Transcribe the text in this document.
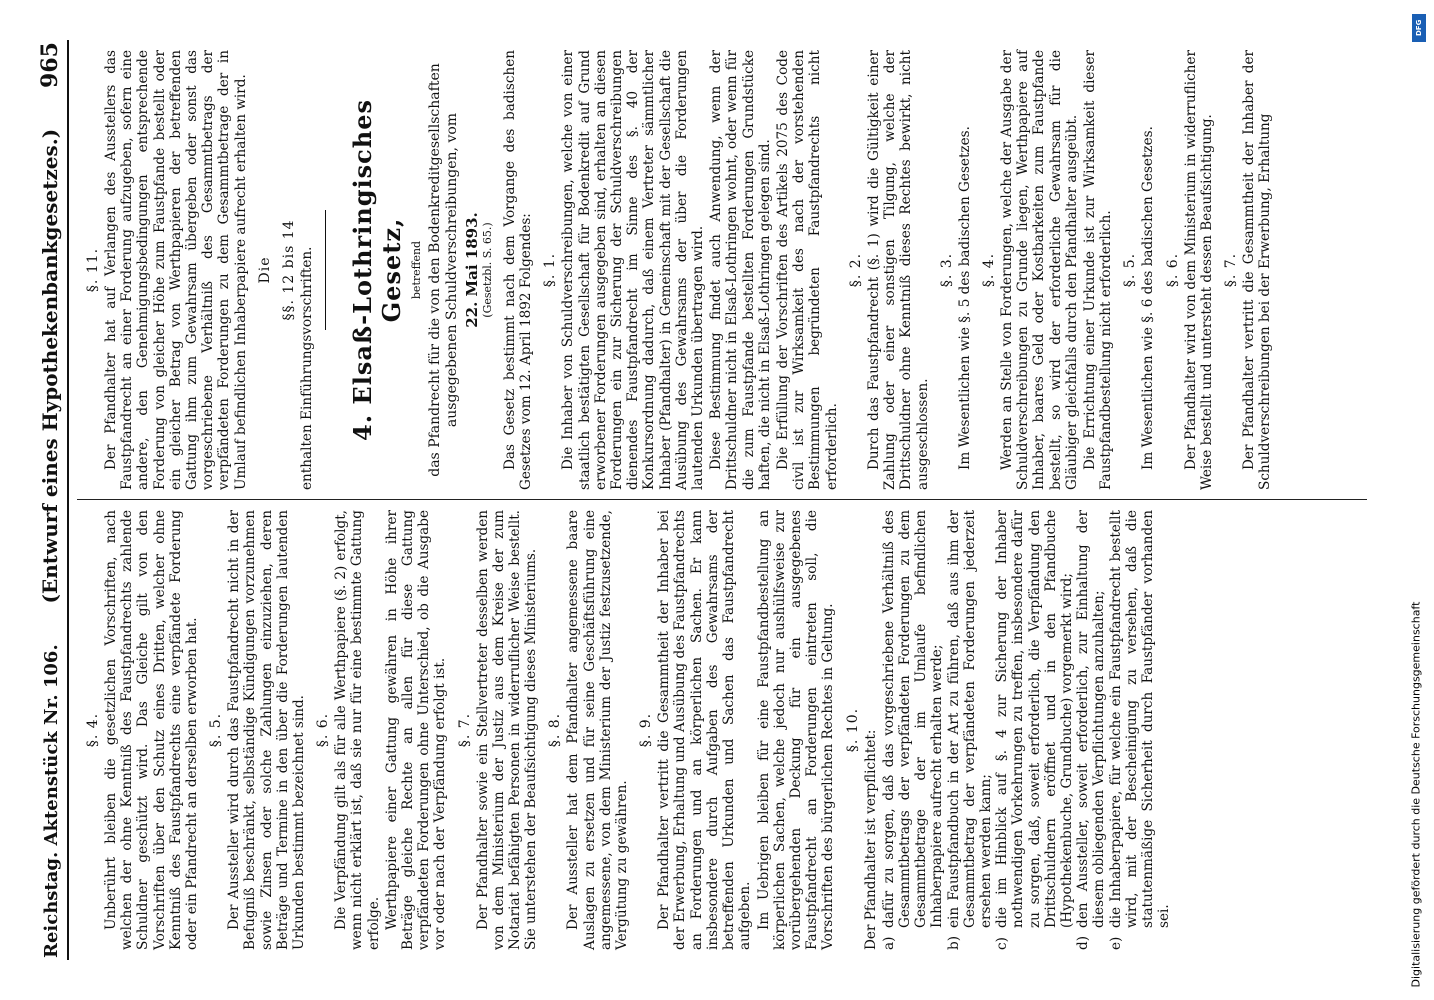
Reichstag. Aktenstück Nr. 106.
(Entwurf eines Hypothekenbankgesetzes.)
965
§. 4. Unberührt bleiben die gesetzlichen Vorschriften, nach welchen der ohne Kenntniß des Faustpfandrechts zahlende Schuldner geschützt wird. Das Gleiche gilt von den Vorschriften über den Schutz eines Dritten, welcher ohne Kenntniß des Faustpfandrechts eine verpfändete Forderung oder ein Pfandrecht an derselben erworben hat. §. 5. Der Aussteller wird durch das Faustpfandrecht nicht in der Befugniß beschränkt, selbständige Kündigungen vorzunehmen sowie Zinsen oder solche Zahlungen einzuziehen, deren Beträge und Termine in den über die Forderungen lautenden Urkunden bestimmt bezeichnet sind. §. 6. Die Verpfändung gilt als für alle Werthpapiere (§. 2) erfolgt, wenn nicht erklärt ist, daß sie nur für eine bestimmte Gattung erfolge. Werthpapiere einer Gattung gewähren in Höhe ihrer Beträge gleiche Rechte an allen für diese Gattung verpfändeten Forderungen ohne Unterschied, ob die Ausgabe vor oder nach der Verpfändung erfolgt ist. §. 7. Der Pfandhalter sowie ein Stellvertreter desselben werden von dem Ministerium der Justiz aus dem Kreise der zum Notariat befähigten Personen in widerruflicher Weise bestellt. Sie unterstehen der Beaufsichtigung dieses Ministeriums. §. 8. Der Aussteller hat dem Pfandhalter angemessene baare Auslagen zu ersetzen und für seine Geschäftsführung eine angemessene, von dem Ministerium der Justiz festzusetzende, Vergütung zu gewähren.

§. 9. Der Pfandhalter vertritt die Gesammtheit der Inhaber bei der Erwerbung, Erhaltung und Ausübung des Faustpfandrechts an Forderungen und an körperlichen Sachen. Er kann insbesondere durch Aufgaben des Gewahrsams der betreffenden Urkunden und Sachen das Faustpfandrecht aufgeben. Im Uebrigen bleiben für eine Faustpfandbestellung an körperlichen Sachen, welche jedoch nur aushülfsweise zur vorübergehenden Deckung für ein ausgegebenes Faustpfandrecht an Forderungen eintreten soll, die Vorschriften des bürgerlichen Rechtes in Geltung. §. 10. Der Pfandhalter ist verpflichtet: a)
dafür zu sorgen, daß das vorgeschriebene Verhältniß des Gesammtbetrags der verpfändeten Forderungen zu dem Gesammtbetrage der im Umlaufe befindlichen Inhaberpapiere aufrecht erhalten werde;
b)
ein Faustpfandbuch in der Art zu führen, daß aus ihm der Gesammtbetrag der verpfändeten Forderungen jederzeit ersehen werden kann;
c)
die im Hinblick auf §. 4 zur Sicherung der Inhaber nothwendigen Vorkehrungen zu treffen, insbesondere dafür zu sorgen, daß, soweit erforderlich, die Verpfändung den Drittschuldnern eröffnet und in den Pfandbuche (Hypothekenbuche, Grundbuche) vorgemerkt wird;
d)
den Aussteller, soweit erforderlich, zur Einhaltung der diesem obliegenden Verpflichtungen anzuhalten;
e)
die Inhaberpapiere, für welche ein Faustpfandrecht bestellt wird, mit der Bescheinigung zu versehen, daß die statutenmäßige Sicherheit durch Faustpfänder vorhanden sei.
§. 11. Der Pfandhalter hat auf Verlangen des Ausstellers das Faustpfandrecht an einer Forderung aufzugeben, sofern eine andere, den Genehmigungsbedingungen entsprechende Forderung von gleicher Höhe zum Faustpfande bestellt oder ein gleicher Betrag von Werthpapieren der betreffenden Gattung ihm zum Gewahrsam übergeben oder sonst das vorgeschriebene Verhältniß des Gesammtbetrags der verpfändeten Forderungen zu dem Gesammtbetrage der in Umlauf befindlichen Inhaberpapiere aufrecht erhalten wird. Die §§. 12 bis 14 enthalten Einführungsvorschriften. 4. Elsaß-Lothringisches Gesetz, betreffend das Pfandrecht für die von den Bodenkreditgesellschaften ausgegebenen Schuldverschreibungen, vom 22. Mai 1893. (Gesetzbl. S. 65.) Das Gesetz bestimmt nach dem Vorgange des badischen Gesetzes vom 12. April 1892 Folgendes: §. 1. Die Inhaber von Schuldverschreibungen, welche von einer staatlich bestätigten Gesellschaft für Bodenkredit auf Grund erworbener Forderungen ausgegeben sind, erhalten an diesen Forderungen ein zur Sicherung der Schuldverschreibungen dienendes Faustpfandrecht im Sinne des §. 40 der Konkursordnung dadurch, daß einem Vertreter sämmtlicher Inhaber (Pfandhalter) in Gemeinschaft mit der Gesellschaft die Ausübung des Gewahrsams der über die Forderungen lautenden Urkunden übertragen wird. Diese Bestimmung findet auch Anwendung, wenn der Drittschuldner nicht in Elsaß-Lothringen wohnt, oder wenn für die zum Faustpfande bestellten Forderungen Grundstücke haften, die nicht in Elsaß-Lothringen gelegen sind. Die Erfüllung der Vorschriften des Artikels 2075 des Code civil ist zur Wirksamkeit des nach der vorstehenden Bestimmungen begründeten Faustpfandrechts nicht erforderlich.

§. 2. Durch das Faustpfandrecht (§. 1) wird die Gültigkeit einer Zahlung oder einer sonstigen Tilgung, welche der Drittschuldner ohne Kenntniß dieses Rechtes bewirkt, nicht ausgeschlossen.

§. 3. Im Wesentlichen wie §. 5 des badischen Gesetzes. §. 4. Werden an Stelle von Forderungen, welche der Ausgabe der Schuldverschreibungen zu Grunde liegen, Werthpapiere auf Inhaber, baares Geld oder Kostbarkeiten zum Faustpfande bestellt, so wird der erforderliche Gewahrsam für die Gläubiger gleichfalls durch den Pfandhalter ausgeübt. Die Errichtung einer Urkunde ist zur Wirksamkeit dieser Faustpfandbestellung nicht erforderlich. §. 5. Im Wesentlichen wie §. 6 des badischen Gesetzes. §. 6. Der Pfandhalter wird von dem Ministerium in widerruflicher Weise bestellt und untersteht dessen Beaufsichtigung. §. 7. Der Pfandhalter vertritt die Gesammtheit der Inhaber der Schuldverschreibungen bei der Erwerbung, Erhaltung

DFG
Digitalisierung gefördert durch die Deutsche Forschungsgemeinschaft
